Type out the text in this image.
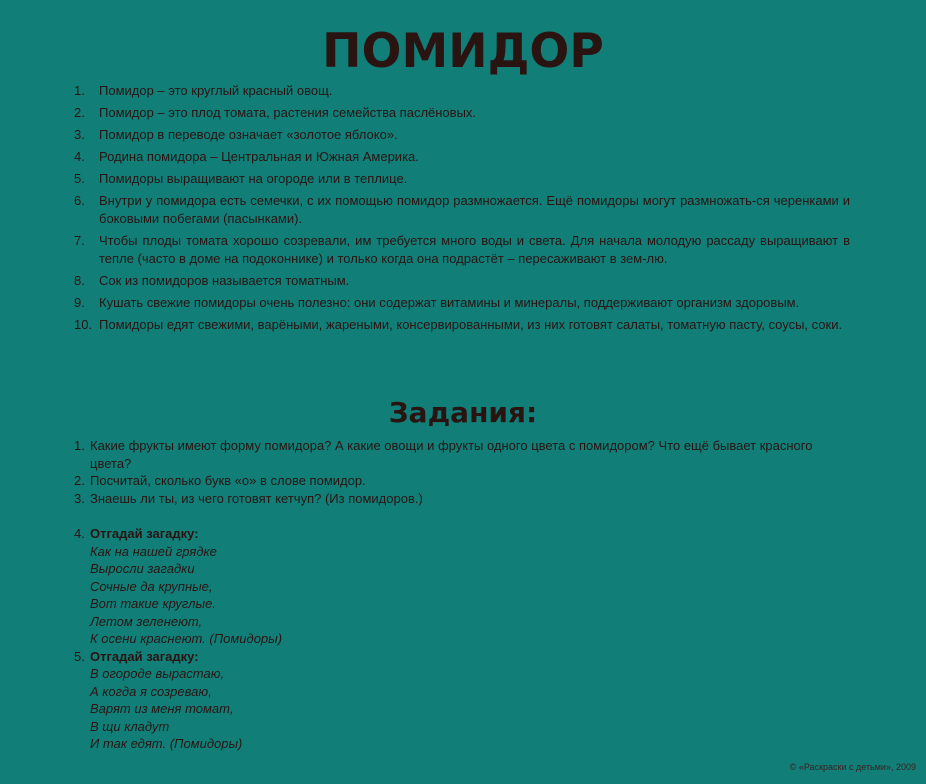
ПОМИДОР
1. Помидор – это круглый красный овощ.
2. Помидор – это плод томата, растения семейства паслёновых.
3. Помидор в переводе означает «золотое яблоко».
4. Родина помидора – Центральная и Южная Америка.
5. Помидоры выращивают на огороде или в теплице.
6. Внутри у помидора есть семечки, с их помощью помидор размножается. Ещё помидоры могут размножать-ся черенками и боковыми побегами (пасынками).
7. Чтобы плоды томата хорошо созревали, им требуется много воды и света. Для начала молодую рассаду выращивают в тепле (часто в доме на подоконнике) и только когда она подрастёт – пересаживают в зем-лю.
8. Сок из помидоров называется томатным.
9. Кушать свежие помидоры очень полезно: они содержат витамины и минералы, поддерживают организм здоровым.
10. Помидоры едят свежими, варёными, жареными, консервированными, из них готовят салаты, томатную пасту, соусы, соки.
Задания:
1. Какие фрукты имеют форму помидора? А какие овощи и фрукты одного цвета с помидором? Что ещё бывает красного цвета?
2. Посчитай, сколько букв «о» в слове помидор.
3. Знаешь ли ты, из чего готовят кетчуп? (Из помидоров.)
4. Отгадай загадку:
Как на нашей грядке
Выросли загадки
Сочные да крупные,
Вот такие круглые.
Летом зеленеют,
К осени краснеют. (Помидоры)
5. Отгадай загадку:
В огороде вырастаю,
А когда я созреваю,
Варят из меня томат,
В щи кладут
И так едят. (Помидоры)
© «Раскраски с детьми», 2009
